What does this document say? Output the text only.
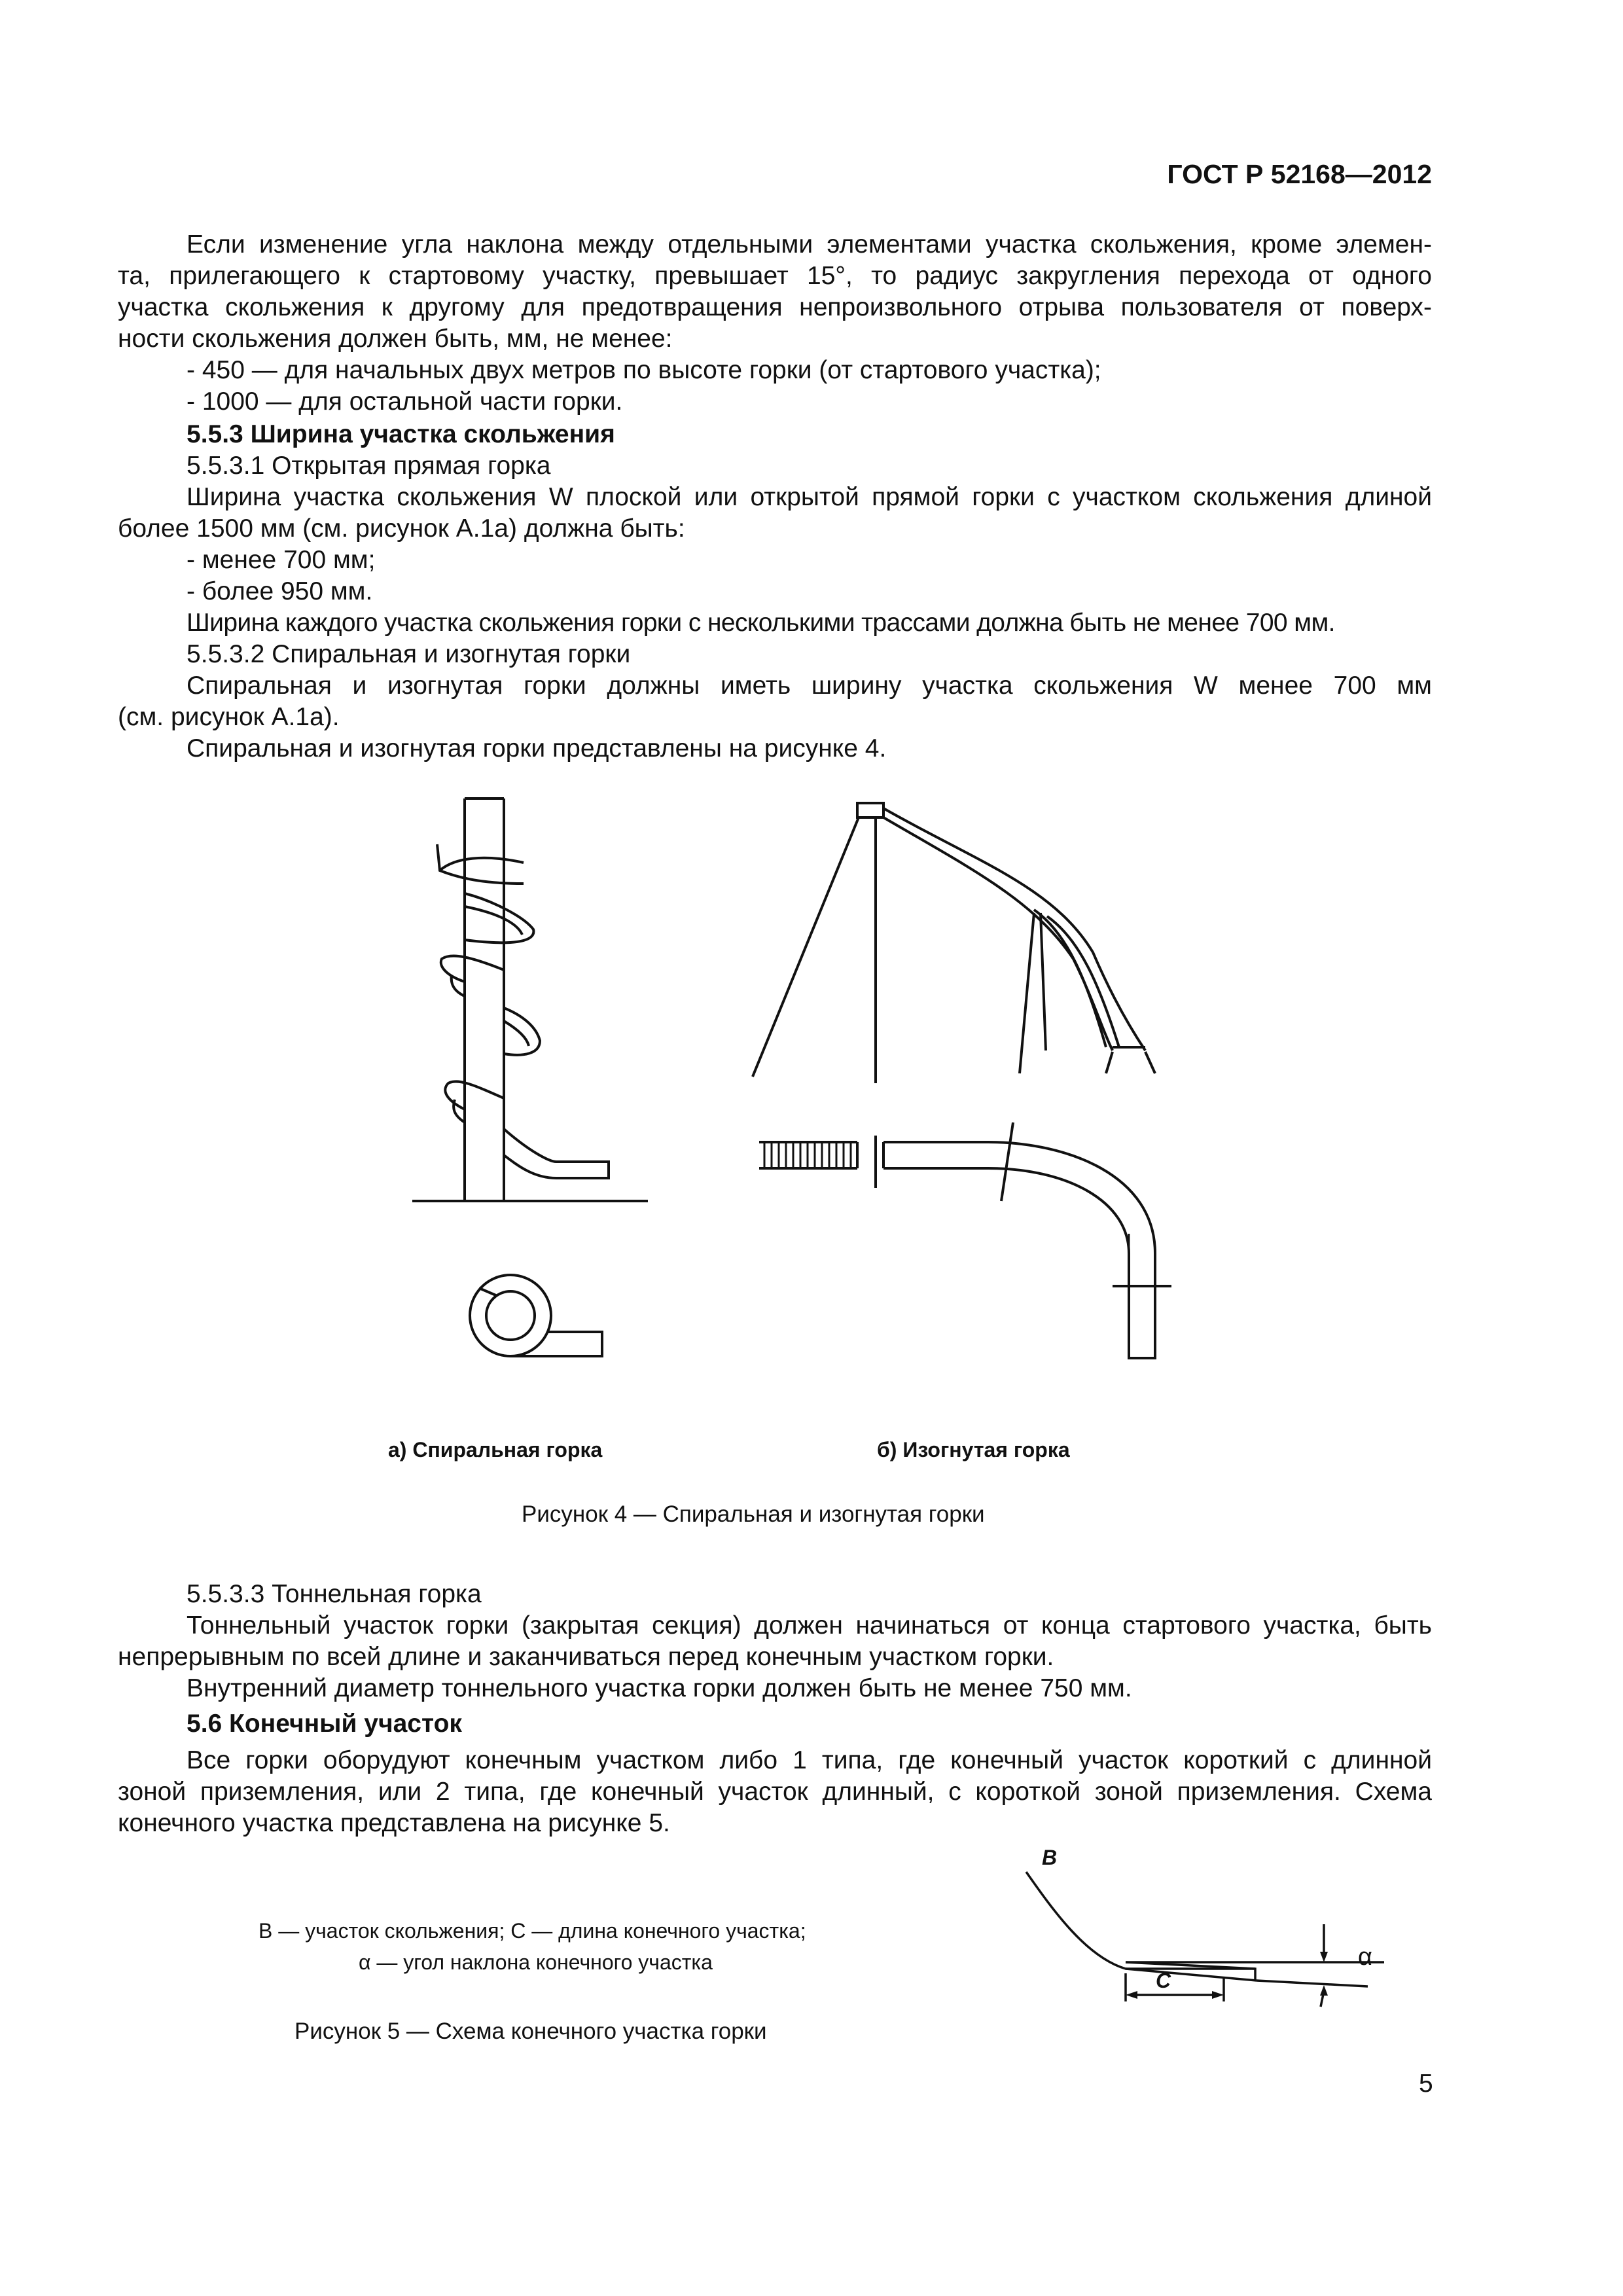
ГОСТ Р 52168—2012
Если изменение угла наклона между отдельными элементами участка скольжения, кроме элемен-
та, прилегающего к стартовому участку, превышает 15°, то радиус закругления перехода от одного
участка скольжения к другому для предотвращения непроизвольного отрыва пользователя от поверх-
ности скольжения должен быть, мм, не менее:
- 450 — для начальных двух метров по высоте горки (от стартового участка);
- 1000 — для остальной части горки.
5.5.3 Ширина участка скольжения
5.5.3.1 Открытая прямая горка
Ширина участка скольжения W плоской или открытой прямой горки с участком скольжения длиной
более 1500 мм (см. рисунок А.1а) должна быть:
- менее 700 мм;
- более 950 мм.
Ширина каждого участка скольжения горки с несколькими трассами должна быть не менее 700 мм.
5.5.3.2 Спиральная и изогнутая горки
Спиральная и изогнутая горки должны иметь ширину участка скольжения W менее 700 мм
(см. рисунок А.1а).
Спиральная и изогнутая горки представлены на рисунке 4.
а) Спиральная горка	б) Изогнутая горка
Рисунок 4 — Спиральная и изогнутая горки
5.5.3.3 Тоннельная горка
Тоннельный участок горки (закрытая секция) должен начинаться от конца стартового участка, быть
непрерывным по всей длине и заканчиваться перед конечным участком горки.
Внутренний диаметр тоннельного участка горки должен быть не менее 750 мм.
5.6 Конечный участок
Все горки оборудуют конечным участком либо 1 типа, где конечный участок короткий с длинной
зоной приземления, или 2 типа, где конечный участок длинный, с короткой зоной приземления. Схема
конечного участка представлена на рисунке 5.
B — участок скольжения; C — длина конечного участка;
α — угол наклона конечного участка
Рисунок 5 — Схема конечного участка горки
B
C
α
5
